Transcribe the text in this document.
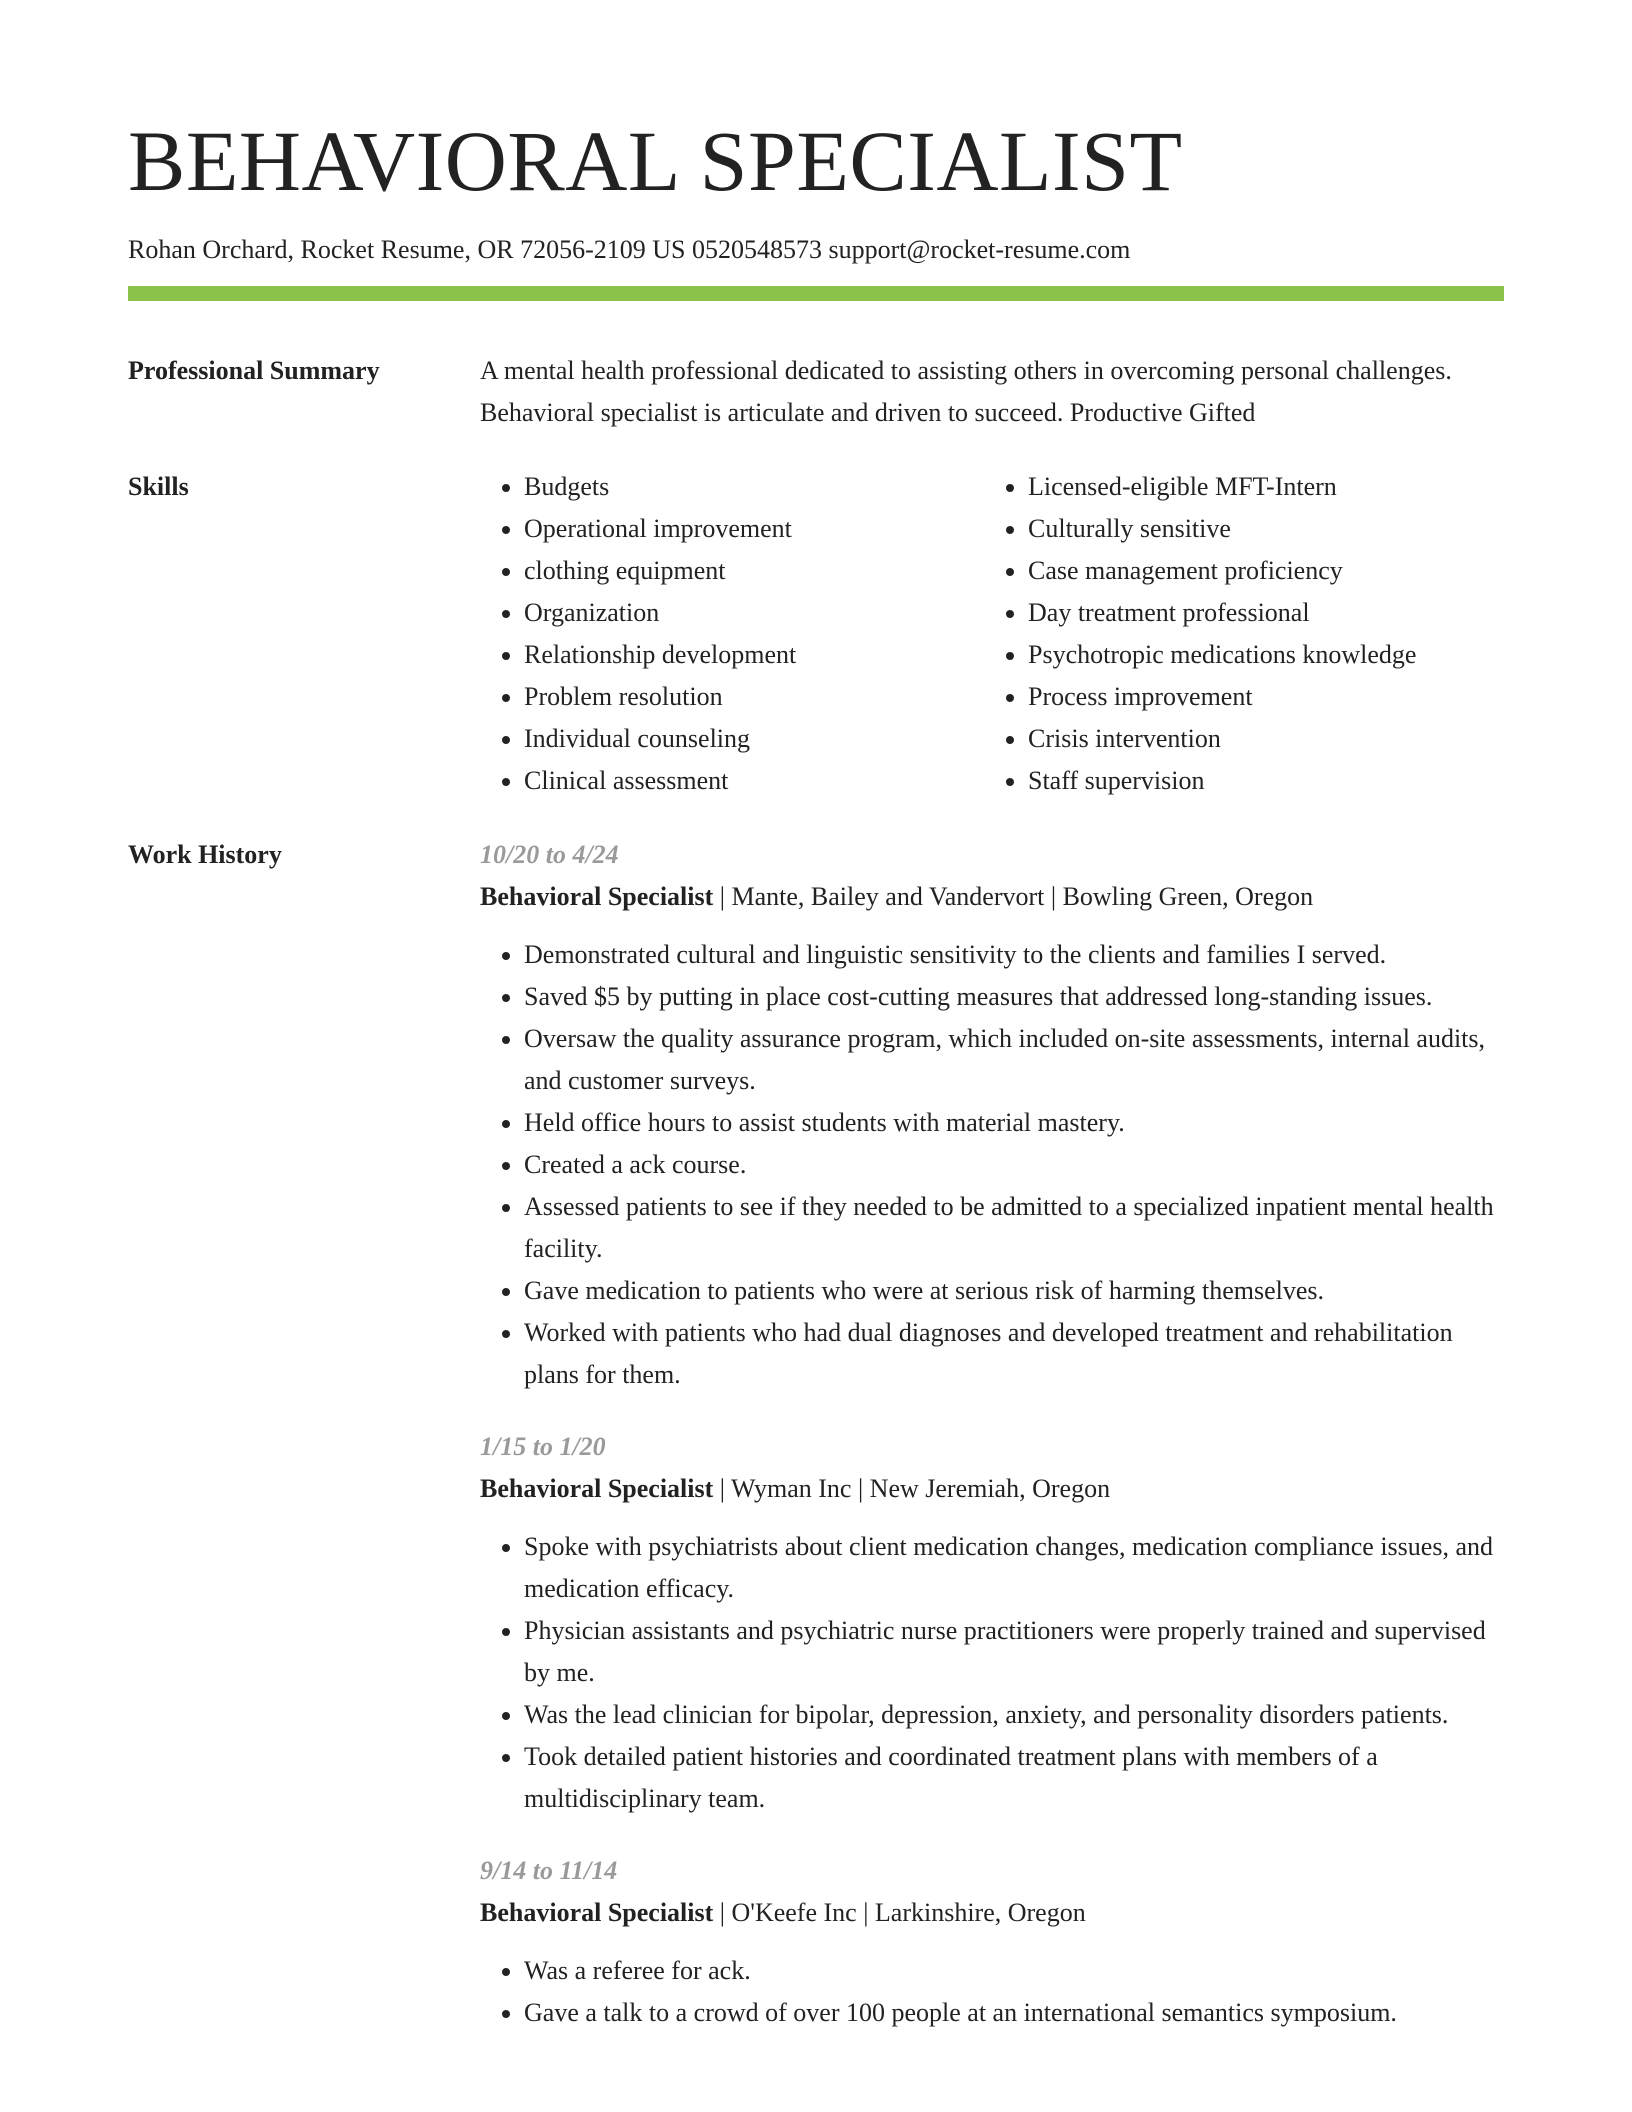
BEHAVIORAL SPECIALIST
Rohan Orchard, Rocket Resume, OR 72056-2109 US 0520548573 support@rocket-resume.com
Professional Summary	A mental health professional dedicated to assisting others in overcoming personal challenges. Behavioral specialist is articulate and driven to succeed. Productive Gifted

Skills
•	Budgets
• Operational improvement
• clothing equipment
• Organization
• Relationship development
• Problem resolution
• Individual counseling
• Clinical assessment
• Licensed-eligible MFT-Intern
• Culturally sensitive
• Case management proficiency
• Day treatment professional
• Psychotropic medications knowledge
• Process improvement
• Crisis intervention
• Staff supervision
Work History	10/20 to 4/24
Behavioral Specialist | Mante, Bailey and Vandervort | Bowling Green, Oregon
• Demonstrated cultural and linguistic sensitivity to the clients and families I served.
• Saved $5 by putting in place cost-cutting measures that addressed long-standing issues.
• Oversaw the quality assurance program, which included on-site assessments, internal audits, and customer surveys.
• Held office hours to assist students with material mastery.
• Created a ack course.
• Assessed patients to see if they needed to be admitted to a specialized inpatient mental health facility.
• Gave medication to patients who were at serious risk of harming themselves.
• Worked with patients who had dual diagnoses and developed treatment and rehabilitation plans for them.
1/15 to 1/20
Behavioral Specialist | Wyman Inc | New Jeremiah, Oregon
• Spoke with psychiatrists about client medication changes, medication compliance issues, and medication efficacy.
• Physician assistants and psychiatric nurse practitioners were properly trained and supervised by me.
• Was the lead clinician for bipolar, depression, anxiety, and personality disorders patients.
• Took detailed patient histories and coordinated treatment plans with members of a multidisciplinary team.
9/14 to 11/14
Behavioral Specialist | O'Keefe Inc | Larkinshire, Oregon
• Was a referee for ack.
• Gave a talk to a crowd of over 100 people at an international semantics symposium.
